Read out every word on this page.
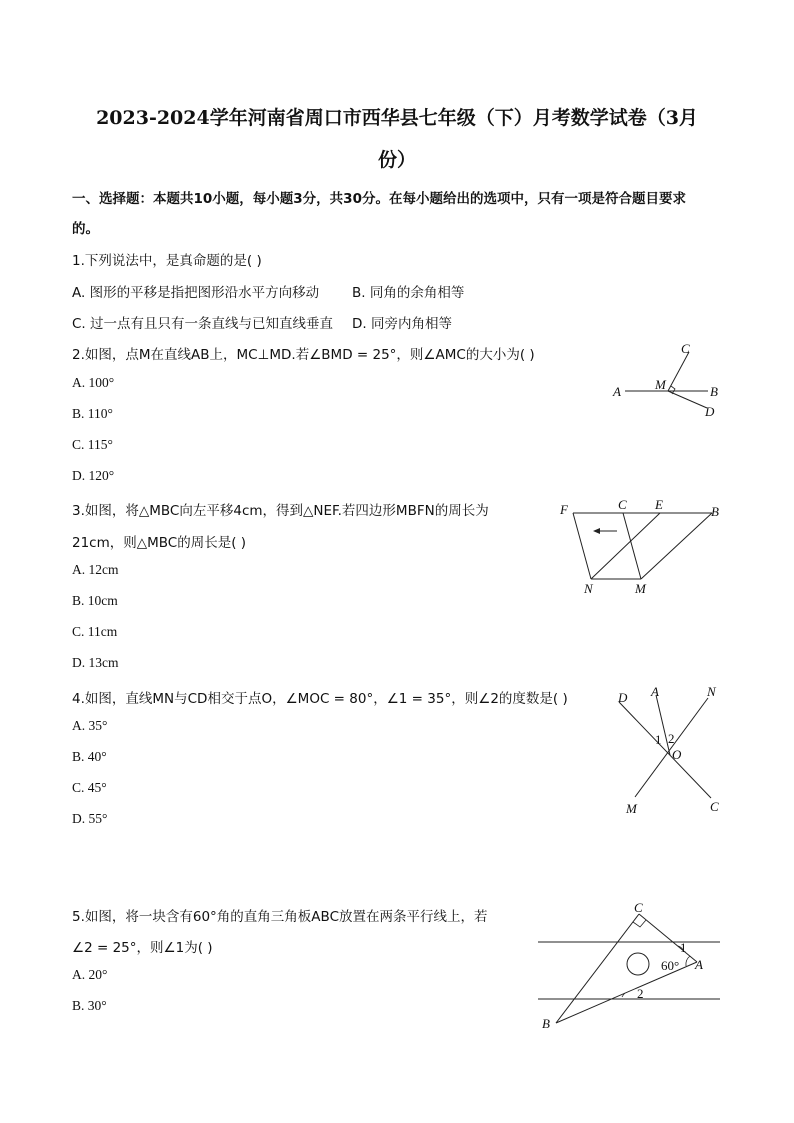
2023-2024学年河南省周口市西华县七年级（下）月考数学试卷（3月
份）
一、选择题：本题共10小题，每小题3分，共30分。在每小题给出的选项中，只有一项是符合题目要求
的。
1.下列说法中，是真命题的是( )
A. 图形的平移是指把图形沿水平方向移动 B. 同角的余角相等
C. 过一点有且只有一条直线与已知直线垂直 D. 同旁内角相等
2.如图，点M在直线AB上，MC⊥MD.若∠BMD = 25°，则∠AMC的大小为( )
A. 100°
B. 110°
C. 115°
D. 120°
A	B
C
D
M
3.如图，将△MBC向左平移4cm，得到△NEF.若四边形MBFN的周长为
21cm，则△MBC的周长是( )
A. 12cm
B. 10cm
C. 11cm
D. 13cm
F	C E	B
N	M
4.如图，直线MN与CD相交于点O，∠MOC = 80°，∠1 = 35°，则∠2的度数是( )
A. 35°
B. 40°
C. 45°
D. 55°
D A	N
O
M	C
1 2
5.如图，将一块含有60°角的直角三角板ABC放置在两条平行线上，若
∠2 = 25°，则∠1为( )
A. 20°
B. 30°
C
A
B
1
2
60°
